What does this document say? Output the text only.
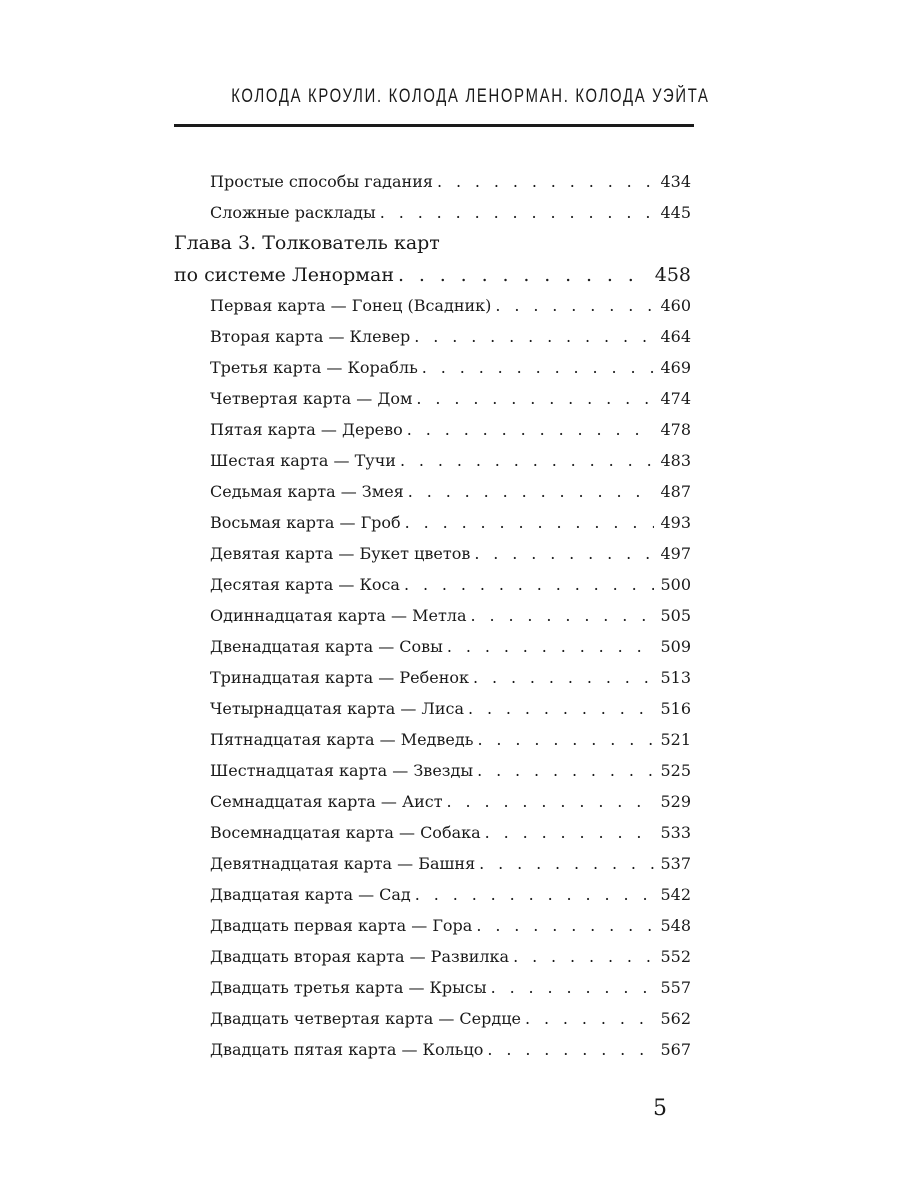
КОЛОДА КРОУЛИ. КОЛОДА ЛЕНОРМАН. КОЛОДА УЭЙТА
Простые способы гадания . . .	434
Сложные расклады . . .	445
Глава 3. Толкователь карт
по системе Ленорман . . .	458
Первая карта — Гонец (Всадник) . . .	460
Вторая карта — Клевер . . .	464
Третья карта — Корабль . . .	469
Четвертая карта — Дом . . .	474
Пятая карта — Дерево . . .	478
Шестая карта — Тучи . . .	483
Седьмая карта — Змея . . .	487
Восьмая карта — Гроб . . .	493
Девятая карта — Букет цветов . . .	497
Десятая карта — Коса . . .	500
Одиннадцатая карта — Метла . . .	505
Двенадцатая карта — Совы . . .	509
Тринадцатая карта — Ребенок . . .	513
Четырнадцатая карта — Лиса . . .	516
Пятнадцатая карта — Медведь . . .	521
Шестнадцатая карта — Звезды . . .	525
Семнадцатая карта — Аист . . .	529
Восемнадцатая карта — Собака . . .	533
Девятнадцатая карта — Башня . . .	537
Двадцатая карта — Сад . . .	542
Двадцать первая карта — Гора . . .	548
Двадцать вторая карта — Развилка . . .	552
Двадцать третья карта — Крысы . . .	557
Двадцать четвертая карта — Сердце . . .	562
Двадцать пятая карта — Кольцо . . .	567
5
